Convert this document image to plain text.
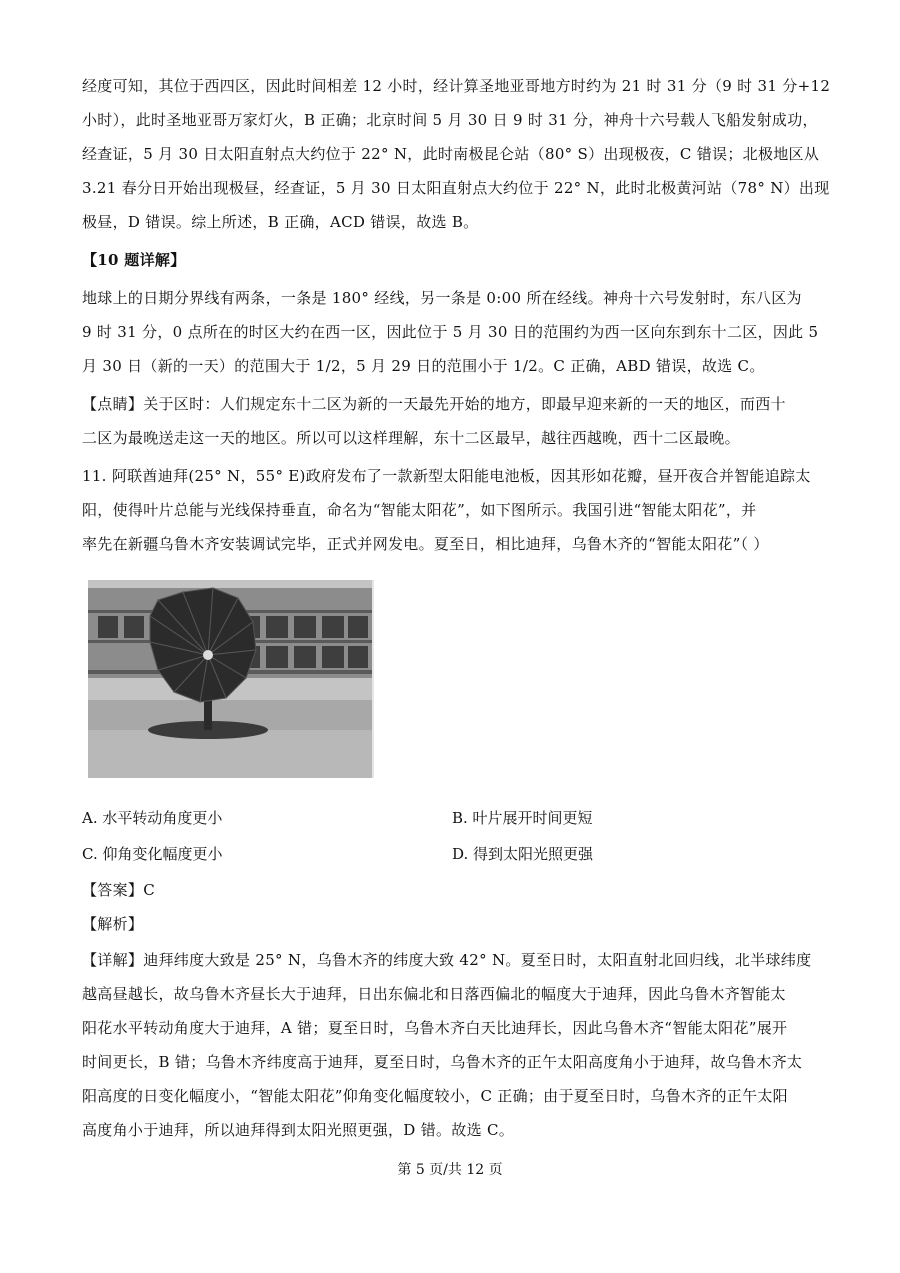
经度可知，其位于西四区，因此时间相差 12 小时，经计算圣地亚哥地方时约为 21 时 31 分（9 时 31 分+12
小时），此时圣地亚哥万家灯火，B 正确；北京时间 5 月 30 日 9 时 31 分，神舟十六号载人飞船发射成功，
经查证，5 月 30 日太阳直射点大约位于 22° N，此时南极昆仑站（80° S）出现极夜，C 错误；北极地区从
3.21 春分日开始出现极昼，经查证，5 月 30 日太阳直射点大约位于 22° N，此时北极黄河站（78° N）出现
极昼，D 错误。综上所述，B 正确，ACD 错误，故选 B。
【10 题详解】
地球上的日期分界线有两条，一条是 180° 经线，另一条是 0:00 所在经线。神舟十六号发射时，东八区为
9 时 31 分，0 点所在的时区大约在西一区，因此位于 5 月 30 日的范围约为西一区向东到东十二区，因此 5
月 30 日（新的一天）的范围大于 1/2，5 月 29 日的范围小于 1/2。C 正确，ABD 错误，故选 C。
【点睛】关于区时：人们规定东十二区为新的一天最先开始的地方，即最早迎来新的一天的地区，而西十
二区为最晚送走这一天的地区。所以可以这样理解，东十二区最早，越往西越晚，西十二区最晚。
11. 阿联酋迪拜(25° N，55° E)政府发布了一款新型太阳能电池板，因其形如花瓣，昼开夜合并智能追踪太
阳，使得叶片总能与光线保持垂直，命名为“智能太阳花”，如下图所示。我国引进“智能太阳花”，并
率先在新疆乌鲁木齐安装调试完毕，正式并网发电。夏至日，相比迪拜，乌鲁木齐的“智能太阳花”（ ）
A. 水平转动角度更小	B. 叶片展开时间更短
C. 仰角变化幅度更小	D. 得到太阳光照更强
【答案】C
【解析】
【详解】迪拜纬度大致是 25° N，乌鲁木齐的纬度大致 42° N。夏至日时，太阳直射北回归线，北半球纬度
越高昼越长，故乌鲁木齐昼长大于迪拜，日出东偏北和日落西偏北的幅度大于迪拜，因此乌鲁木齐智能太
阳花水平转动角度大于迪拜，A 错；夏至日时，乌鲁木齐白天比迪拜长，因此乌鲁木齐“智能太阳花”展开
时间更长，B 错；乌鲁木齐纬度高于迪拜，夏至日时，乌鲁木齐的正午太阳高度角小于迪拜，故乌鲁木齐太
阳高度的日变化幅度小，“智能太阳花”仰角变化幅度较小，C 正确；由于夏至日时，乌鲁木齐的正午太阳
高度角小于迪拜，所以迪拜得到太阳光照更强，D 错。故选 C。
第 5 页/共 12 页
